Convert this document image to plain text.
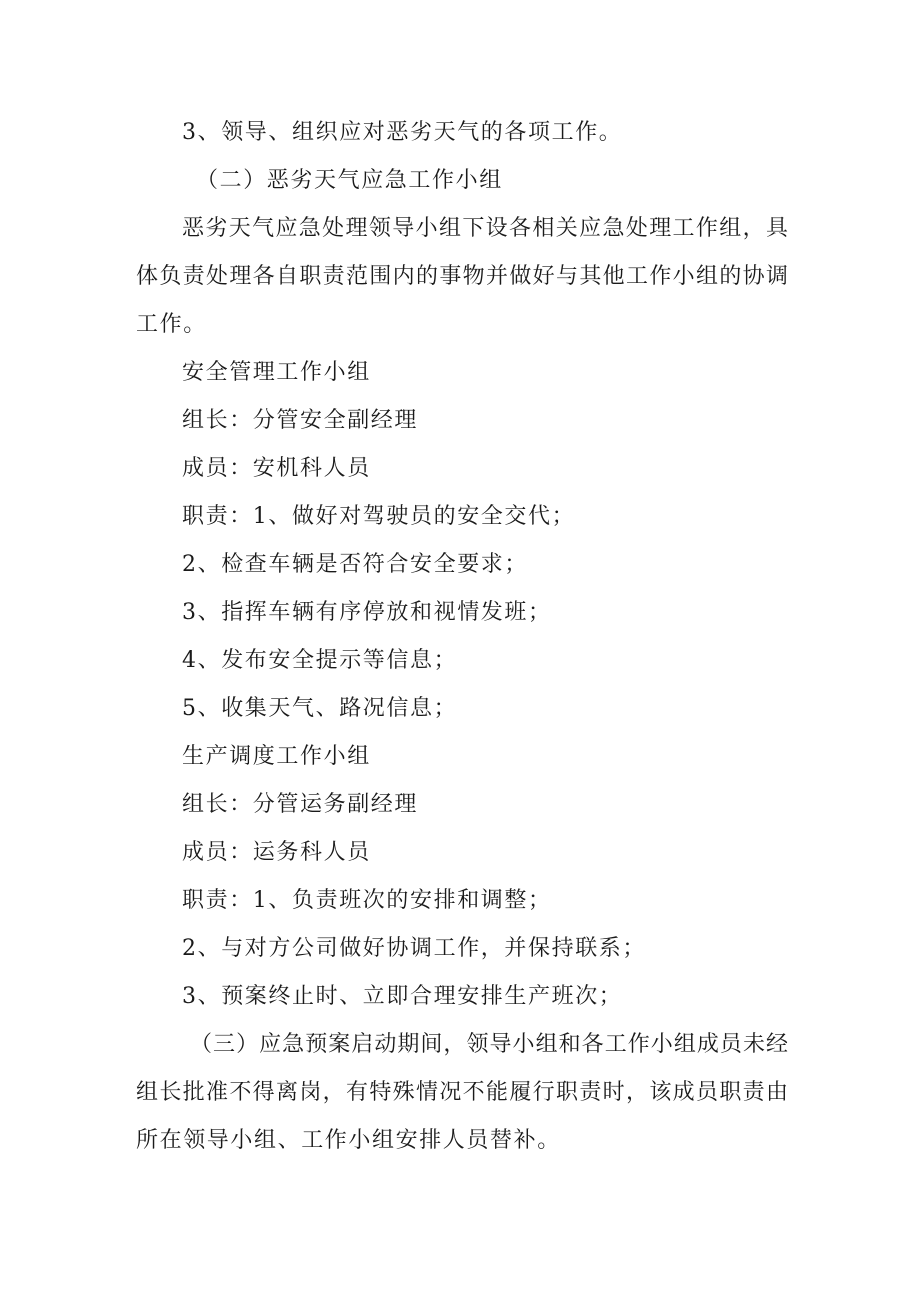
3、领导、组织应对恶劣天气的各项工作。
（二）恶劣天气应急工作小组
恶劣天气应急处理领导小组下设各相关应急处理工作组，具
体负责处理各自职责范围内的事物并做好与其他工作小组的协调
工作。
安全管理工作小组
组长：分管安全副经理
成员：安机科人员
职责：1、做好对驾驶员的安全交代；
2、检查车辆是否符合安全要求；
3、指挥车辆有序停放和视情发班；
4、发布安全提示等信息；
5、收集天气、路况信息；
生产调度工作小组
组长：分管运务副经理
成员：运务科人员
职责：1、负责班次的安排和调整；
2、与对方公司做好协调工作，并保持联系；
3、预案终止时、立即合理安排生产班次；
（三）应急预案启动期间，领导小组和各工作小组成员未经
组长批准不得离岗，有特殊情况不能履行职责时，该成员职责由
所在领导小组、工作小组安排人员替补。
